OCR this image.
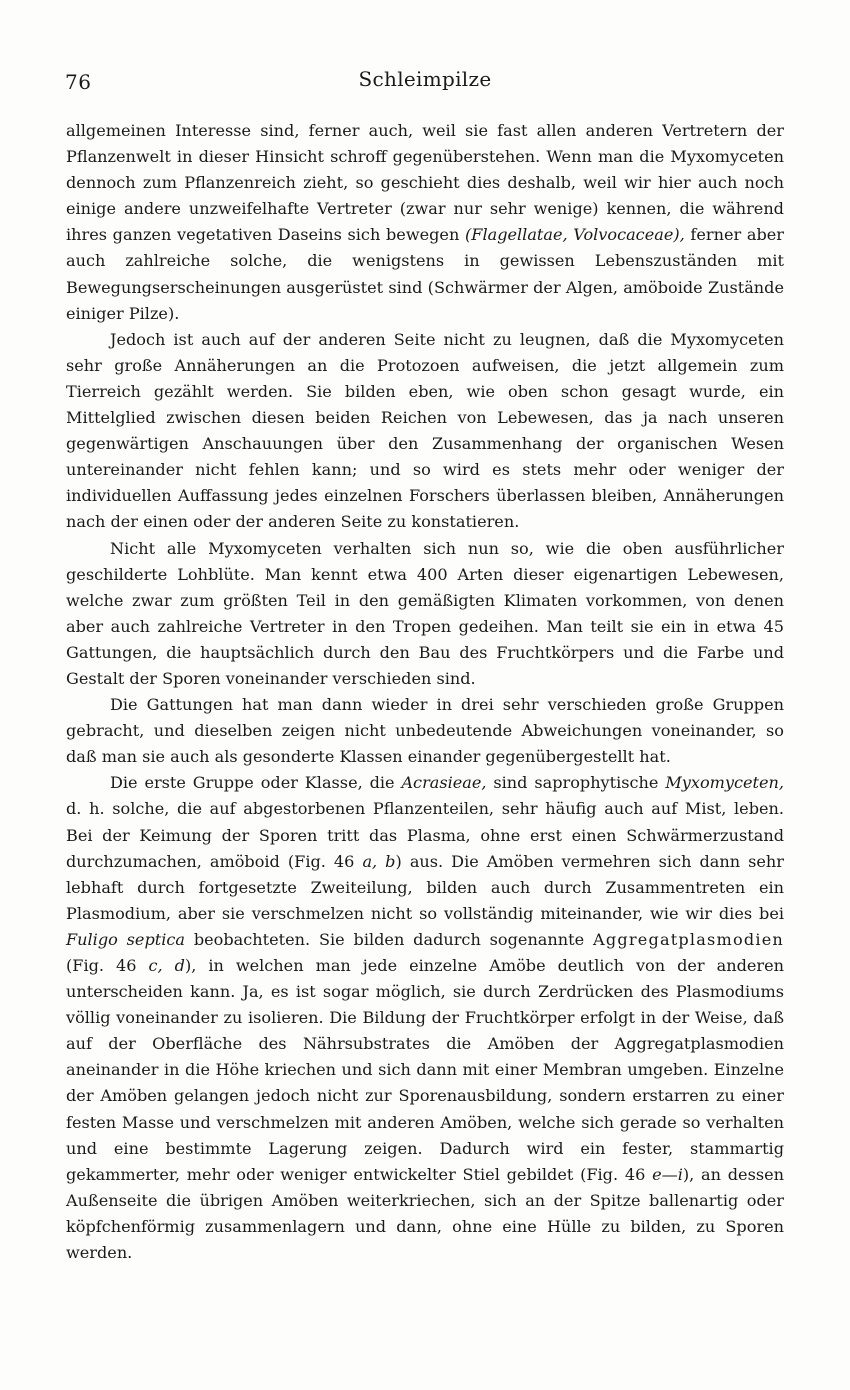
76	Schleimpilze

allgemeinen Interesse sind, ferner auch, weil sie fast allen anderen Vertretern der Pflanzenwelt in dieser Hinsicht schroff gegenüberstehen. Wenn man die Myxomyceten dennoch zum Pflanzenreich zieht, so geschieht dies deshalb, weil wir hier auch noch einige andere unzweifelhafte Vertreter (zwar nur sehr wenige) kennen, die während ihres ganzen vegetativen Daseins sich bewegen (Flagellatae, Volvocaceae), ferner aber auch zahlreiche solche, die wenigstens in gewissen Lebenszuständen mit Bewegungserscheinungen ausgerüstet sind (Schwärmer der Algen, amöboide Zustände einiger Pilze).

Jedoch ist auch auf der anderen Seite nicht zu leugnen, daß die Myxomyceten sehr große Annäherungen an die Protozoen aufweisen, die jetzt allgemein zum Tierreich gezählt werden. Sie bilden eben, wie oben schon gesagt wurde, ein Mittelglied zwischen diesen beiden Reichen von Lebewesen, das ja nach unseren gegenwärtigen Anschauungen über den Zusammenhang der organischen Wesen untereinander nicht fehlen kann; und so wird es stets mehr oder weniger der individuellen Auffassung jedes einzelnen Forschers überlassen bleiben, Annäherungen nach der einen oder der anderen Seite zu konstatieren.

Nicht alle Myxomyceten verhalten sich nun so, wie die oben ausführlicher geschilderte Lohblüte. Man kennt etwa 400 Arten dieser eigenartigen Lebewesen, welche zwar zum größten Teil in den gemäßigten Klimaten vorkommen, von denen aber auch zahlreiche Vertreter in den Tropen gedeihen. Man teilt sie ein in etwa 45 Gattungen, die hauptsächlich durch den Bau des Fruchtkörpers und die Farbe und Gestalt der Sporen voneinander verschieden sind.

Die Gattungen hat man dann wieder in drei sehr verschieden große Gruppen gebracht, und dieselben zeigen nicht unbedeutende Abweichungen voneinander, so daß man sie auch als gesonderte Klassen einander gegenübergestellt hat.

Die erste Gruppe oder Klasse, die Acrasieae, sind saprophytische Myxomyceten, d. h. solche, die auf abgestorbenen Pflanzenteilen, sehr häufig auch auf Mist, leben. Bei der Keimung der Sporen tritt das Plasma, ohne erst einen Schwärmerzustand durchzumachen, amöboid (Fig. 46 a, b) aus. Die Amöben vermehren sich dann sehr lebhaft durch fortgesetzte Zweiteilung, bilden auch durch Zusammentreten ein Plasmodium, aber sie verschmelzen nicht so vollständig miteinander, wie wir dies bei Fuligo septica beobachteten. Sie bilden dadurch sogenannte Aggregatplasmodien (Fig. 46 c, d), in welchen man jede einzelne Amöbe deutlich von der anderen unterscheiden kann. Ja, es ist sogar möglich, sie durch Zerdrücken des Plasmodiums völlig voneinander zu isolieren. Die Bildung der Fruchtkörper erfolgt in der Weise, daß auf der Oberfläche des Nährsubstrates die Amöben der Aggregatplasmodien aneinander in die Höhe kriechen und sich dann mit einer Membran umgeben. Einzelne der Amöben gelangen jedoch nicht zur Sporenausbildung, sondern erstarren zu einer festen Masse und verschmelzen mit anderen Amöben, welche sich gerade so verhalten und eine bestimmte Lagerung zeigen. Dadurch wird ein fester, stammartig gekammerter, mehr oder weniger entwickelter Stiel gebildet (Fig. 46 e—i), an dessen Außenseite die übrigen Amöben weiterkriechen, sich an der Spitze ballenartig oder köpfchenförmig zusammenlagern und dann, ohne eine Hülle zu bilden, zu Sporen werden.
